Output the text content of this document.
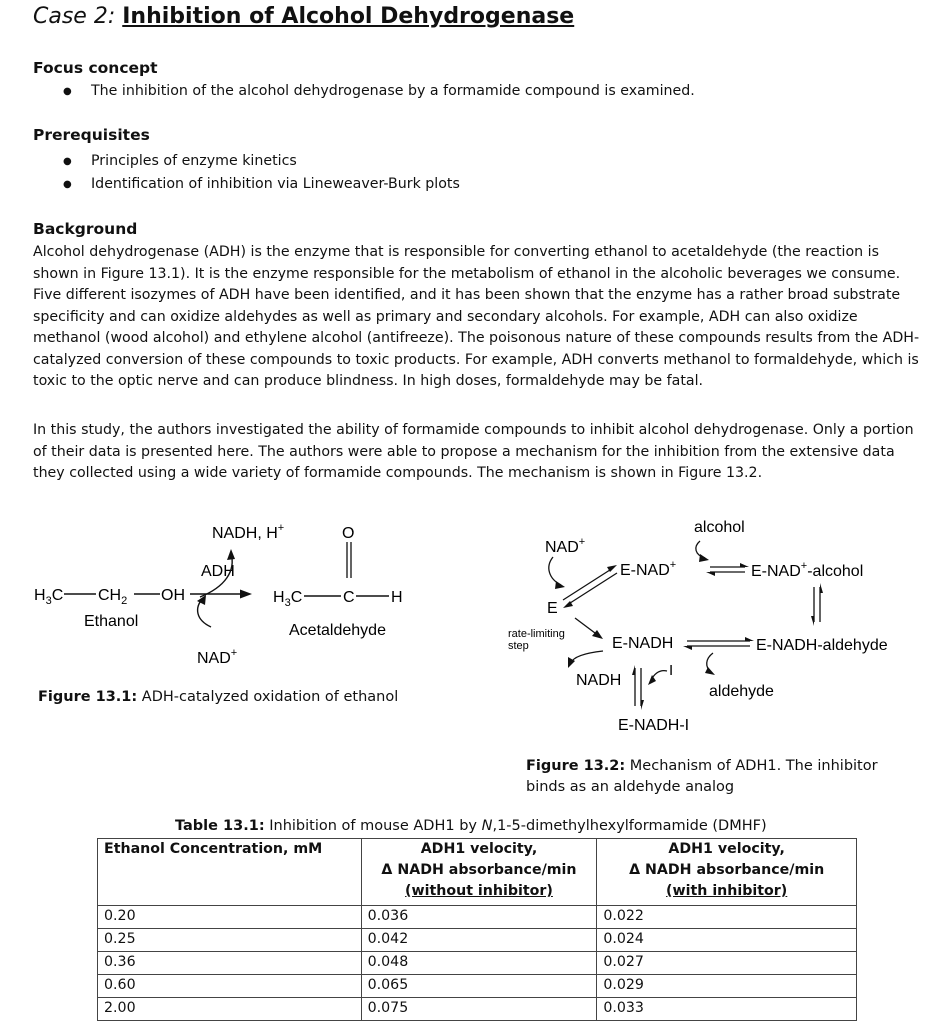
Case 2: Inhibition of Alcohol Dehydrogenase
Focus concept
● The inhibition of the alcohol dehydrogenase by a formamide compound is examined.
Prerequisites
● Principles of enzyme kinetics
● Identification of inhibition via Lineweaver-Burk plots
Background
Alcohol dehydrogenase (ADH) is the enzyme that is responsible for converting ethanol to acetaldehyde (the reaction is shown in Figure 13.1). It is the enzyme responsible for the metabolism of ethanol in the alcoholic beverages we consume. Five different isozymes of ADH have been identified, and it has been shown that the enzyme has a rather broad substrate specificity and can oxidize aldehydes as well as primary and secondary alcohols. For example, ADH can also oxidize methanol (wood alcohol) and ethylene alcohol (antifreeze). The poisonous nature of these compounds results from the ADH-catalyzed conversion of these compounds to toxic products. For example, ADH converts methanol to formaldehyde, which is toxic to the optic nerve and can produce blindness. In high doses, formaldehyde may be fatal.
In this study, the authors investigated the ability of formamide compounds to inhibit alcohol dehydrogenase. Only a portion of their data is presented here. The authors were able to propose a mechanism for the inhibition from the extensive data they collected using a wide variety of formamide compounds. The mechanism is shown in Figure 13.2.
NADH, H+	O
ADH
$H_3C$ $CH_2$ OH	$H_3C$	C H
Ethanol
Acetaldehyde
NAD+
Figure 13.1: ADH-catalyzed oxidation of ethanol
alcohol
NAD+
E-NAD+	E-NAD+-alcohol
E
rate-limiting
step	E-NADH	E-NADH-aldehyde
NADH
I
aldehyde
E-NADH-I
Figure 13.2: Mechanism of ADH1. The inhibitor
binds as an aldehyde analog
Table 13.1: Inhibition of mouse ADH1 by N,1-5-dimethylhexylformamide (DMHF)
Ethanol Concentration, mM	ADH1 velocity,
Δ NADH absorbance/min
(without inhibitor)	ADH1 velocity,
Δ NADH absorbance/min
(with inhibitor)
0.20	0.036	0.022
0.25	0.042	0.024
0.36	0.048	0.027
0.60	0.065	0.029
2.00	0.075	0.033
